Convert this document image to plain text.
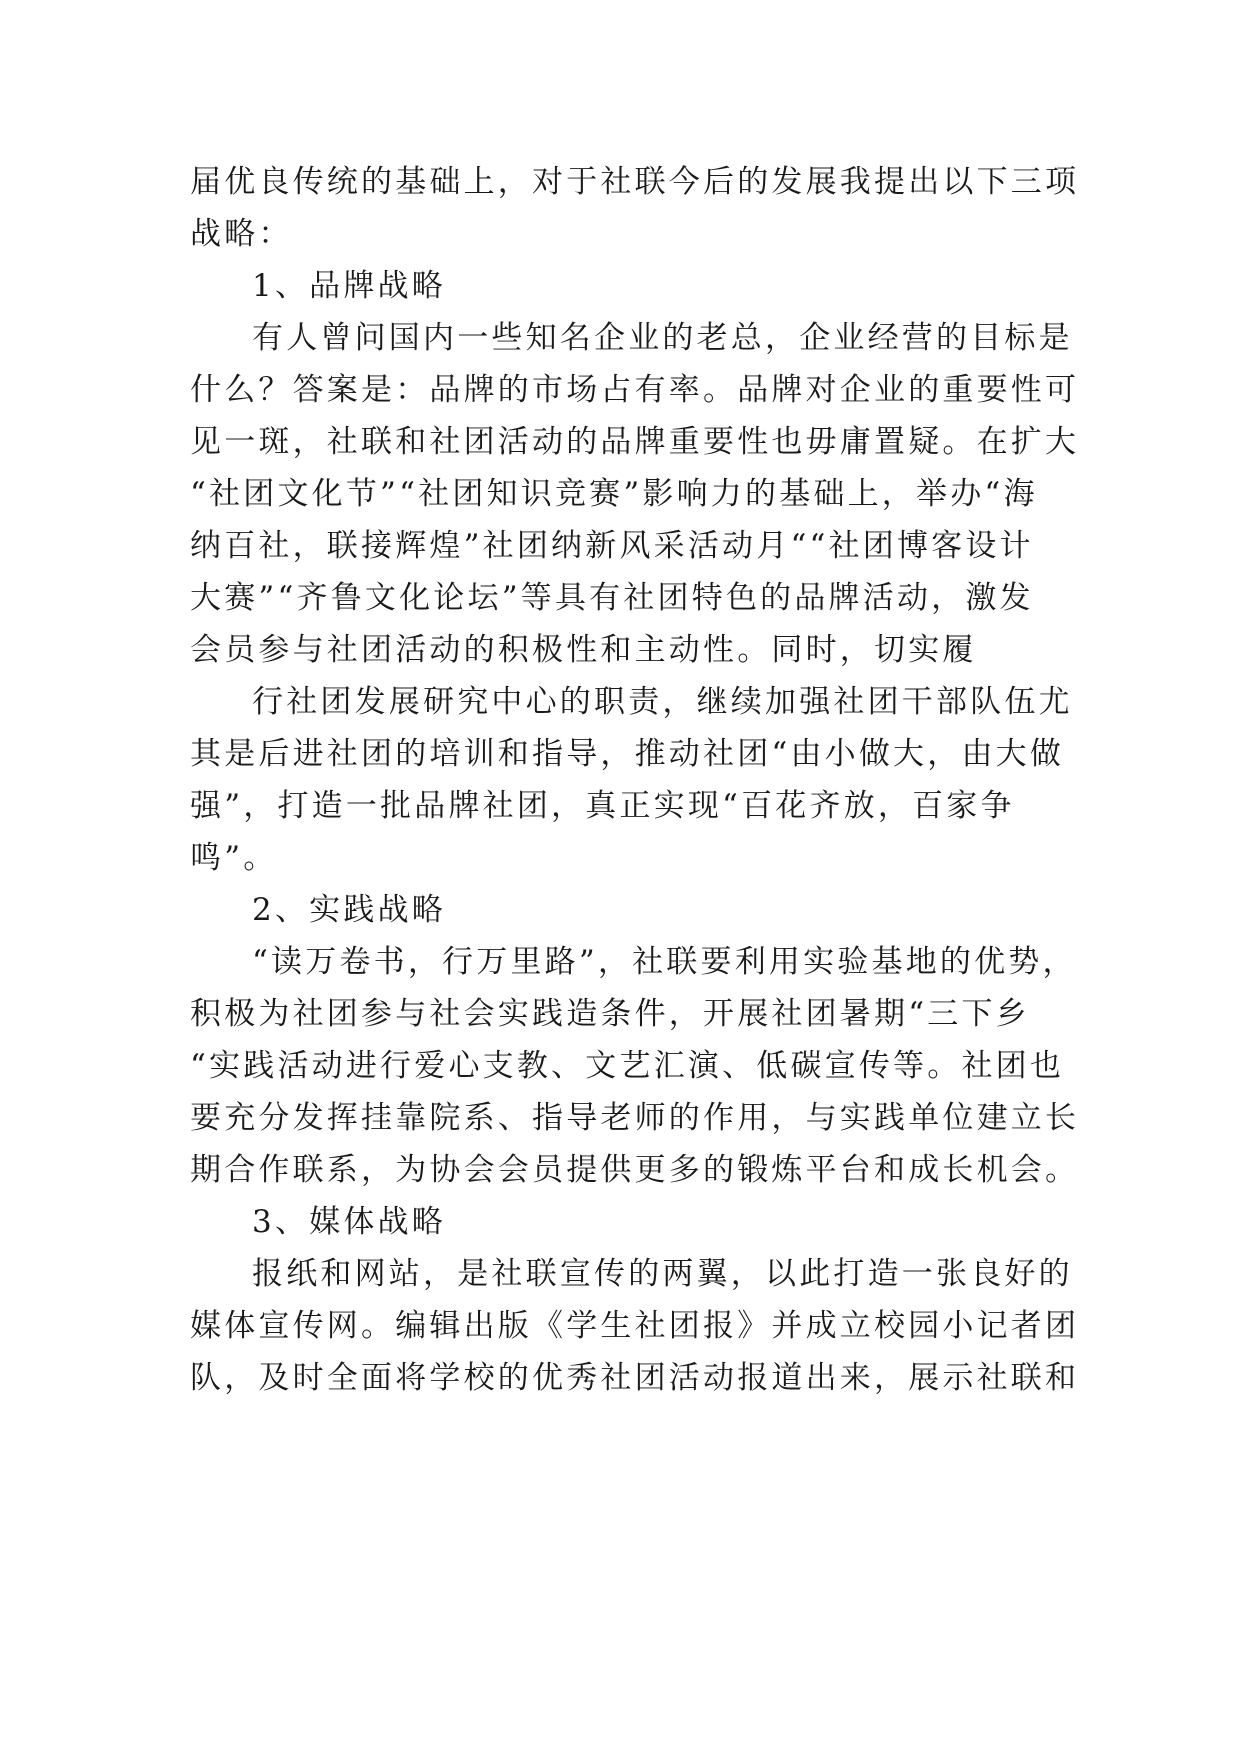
届优良传统的基础上，对于社联今后的发展我提出以下三项
战略：
1、品牌战略
有人曾问国内一些知名企业的老总，企业经营的目标是
什么？答案是：品牌的市场占有率。品牌对企业的重要性可
见一斑，社联和社团活动的品牌重要性也毋庸置疑。在扩大
“社团文化节”“社团知识竞赛”影响力的基础上，举办“海
纳百社，联接辉煌”社团纳新风采活动月““社团博客设计
大赛”“齐鲁文化论坛”等具有社团特色的品牌活动，激发
会员参与社团活动的积极性和主动性。同时，切实履
行社团发展研究中心的职责，继续加强社团干部队伍尤
其是后进社团的培训和指导，推动社团“由小做大，由大做
强”，打造一批品牌社团，真正实现“百花齐放，百家争
鸣”。
2、实践战略
“读万卷书，行万里路”，社联要利用实验基地的优势，
积极为社团参与社会实践造条件，开展社团暑期“三下乡
“实践活动进行爱心支教、文艺汇演、低碳宣传等。社团也
要充分发挥挂靠院系、指导老师的作用，与实践单位建立长
期合作联系，为协会会员提供更多的锻炼平台和成长机会。
3、媒体战略
报纸和网站，是社联宣传的两翼，以此打造一张良好的
媒体宣传网。编辑出版《学生社团报》并成立校园小记者团
队，及时全面将学校的优秀社团活动报道出来，展示社联和
